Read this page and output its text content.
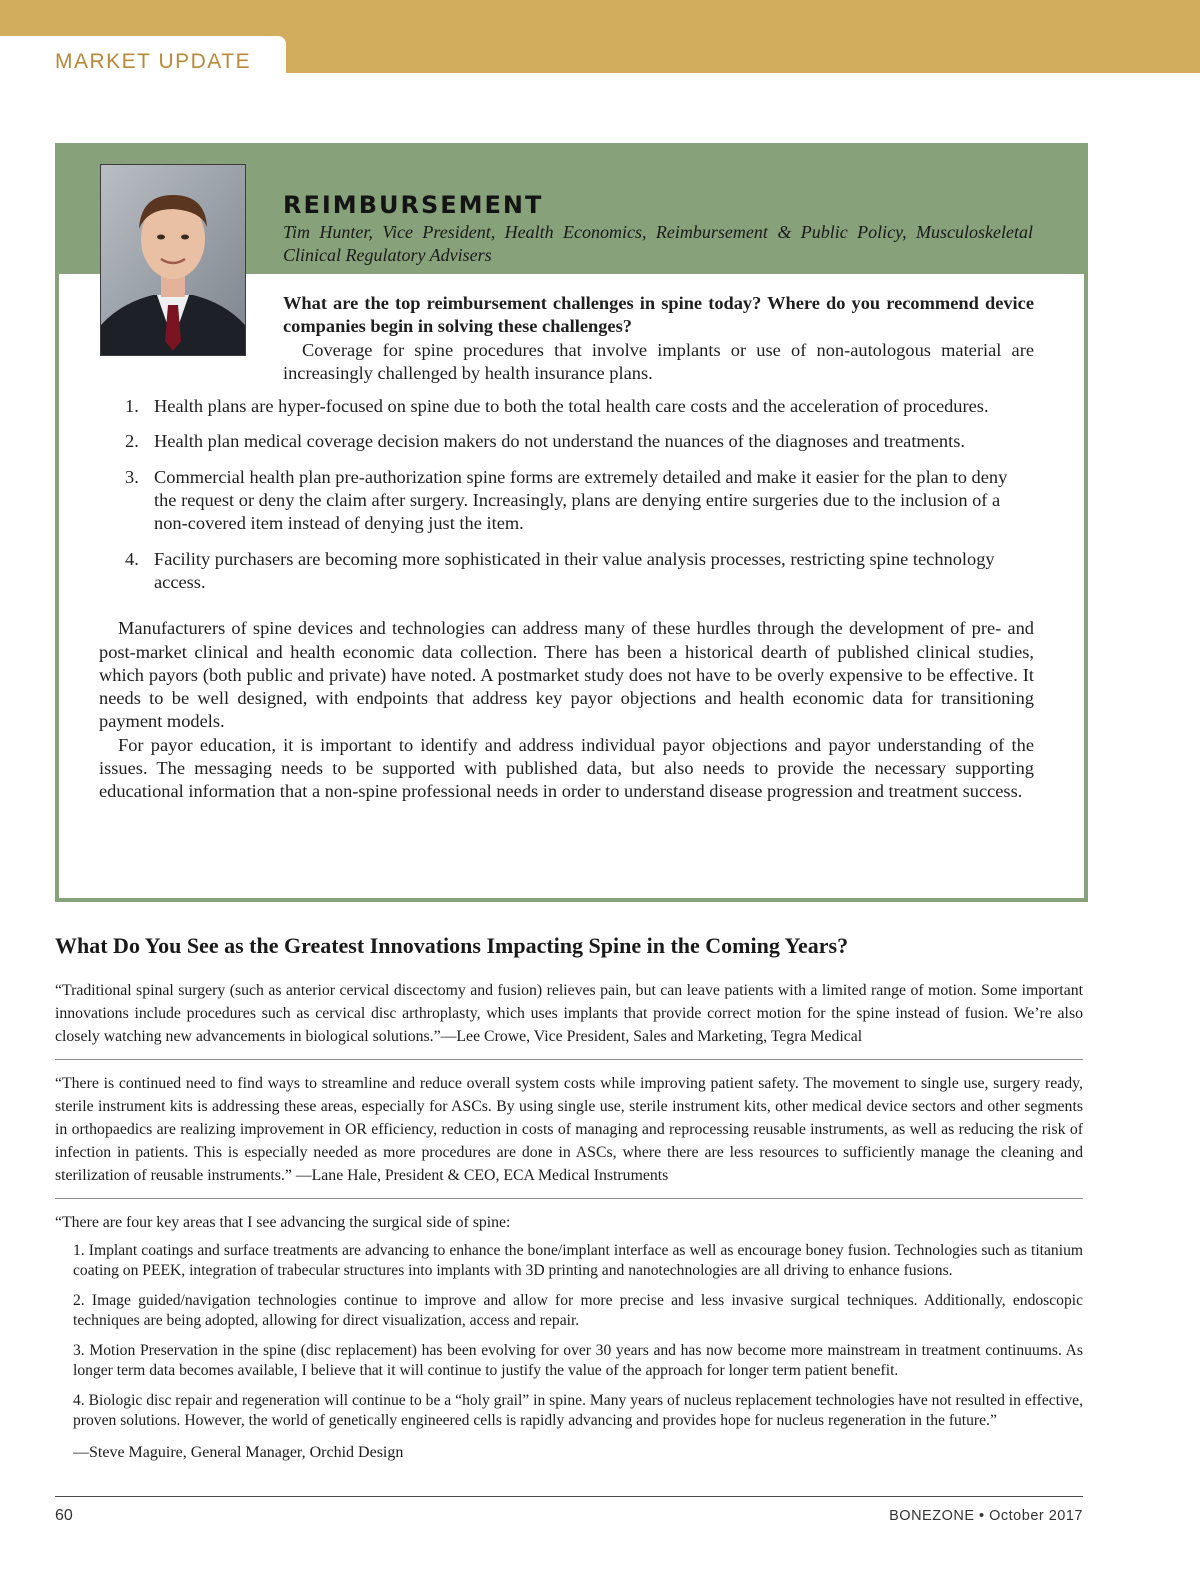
MARKET UPDATE
REIMBURSEMENT
Tim Hunter, Vice President, Health Economics, Reimbursement & Public Policy, Musculoskeletal Clinical Regulatory Advisers
What are the top reimbursement challenges in spine today? Where do you recommend device companies begin in solving these challenges?
Coverage for spine procedures that involve implants or use of non-autologous material are increasingly challenged by health insurance plans.
1. Health plans are hyper-focused on spine due to both the total health care costs and the acceleration of procedures.
2. Health plan medical coverage decision makers do not understand the nuances of the diagnoses and treatments.
3. Commercial health plan pre-authorization spine forms are extremely detailed and make it easier for the plan to deny the request or deny the claim after surgery. Increasingly, plans are denying entire surgeries due to the inclusion of a non-covered item instead of denying just the item.
4. Facility purchasers are becoming more sophisticated in their value analysis processes, restricting spine technology access.

Manufacturers of spine devices and technologies can address many of these hurdles through the development of pre- and post-market clinical and health economic data collection. There has been a historical dearth of published clinical studies, which payors (both public and private) have noted. A postmarket study does not have to be overly expensive to be effective. It needs to be well designed, with endpoints that address key payor objections and health economic data for transitioning payment models.

For payor education, it is important to identify and address individual payor objections and payor understanding of the issues. The messaging needs to be supported with published data, but also needs to provide the necessary supporting educational information that a non-spine professional needs in order to understand disease progression and treatment success.

What Do You See as the Greatest Innovations Impacting Spine in the Coming Years?

“Traditional spinal surgery (such as anterior cervical discectomy and fusion) relieves pain, but can leave patients with a limited range of motion. Some important innovations include procedures such as cervical disc arthroplasty, which uses implants that provide correct motion for the spine instead of fusion. We’re also closely watching new advancements in biological solutions.”—Lee Crowe, Vice President, Sales and Marketing, Tegra Medical

“There is continued need to find ways to streamline and reduce overall system costs while improving patient safety. The movement to single use, surgery ready, sterile instrument kits is addressing these areas, especially for ASCs. By using single use, sterile instrument kits, other medical device sectors and other segments in orthopaedics are realizing improvement in OR efficiency, reduction in costs of managing and reprocessing reusable instruments, as well as reducing the risk of infection in patients. This is especially needed as more procedures are done in ASCs, where there are less resources to sufficiently manage the cleaning and sterilization of reusable instruments.” —Lane Hale, President & CEO, ECA Medical Instruments

“There are four key areas that I see advancing the surgical side of spine:

1. Implant coatings and surface treatments are advancing to enhance the bone/implant interface as well as encourage boney fusion. Technologies such as titanium coating on PEEK, integration of trabecular structures into implants with 3D printing and nanotechnologies are all driving to enhance fusions.
2. Image guided/navigation technologies continue to improve and allow for more precise and less invasive surgical techniques. Additionally, endoscopic techniques are being adopted, allowing for direct visualization, access and repair.
3. Motion Preservation in the spine (disc replacement) has been evolving for over 30 years and has now become more mainstream in treatment continuums. As longer term data becomes available, I believe that it will continue to justify the value of the approach for longer term patient benefit.
4. Biologic disc repair and regeneration will continue to be a “holy grail” in spine. Many years of nucleus replacement technologies have not resulted in effective, proven solutions. However, the world of genetically engineered cells is rapidly advancing and provides hope for nucleus regeneration in the future.”

—Steve Maguire, General Manager, Orchid Design

60	BONEZONE • October 2017
